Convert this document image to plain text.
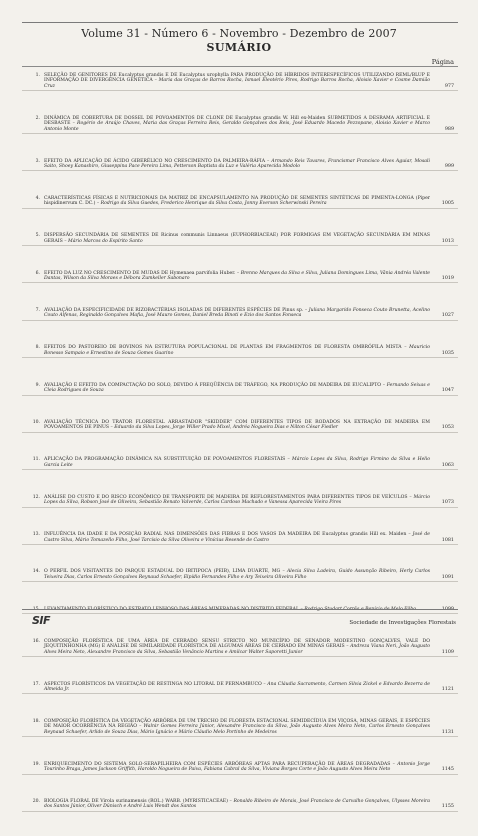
Volume 31 - Número 6 - Novembro - Dezembro de 2007
SUMÁRIO
Página
1. SELEÇÃO DE GENITORES DE Eucalyptus grandis E DE Eucalyptus urophylla PARA PRODUÇÃO DE HÍBRIDOS INTERESPECÍFICOS UTILIZANDO REML/BLUP E INFORMAÇÃO DE DIVERGÊNCIA GENÉTICA – Maria das Graças de Barros Rocha, Ismael Eleotério Pires, Rodrigo Barros Rocha, Aloisio Xavier e Cosme Damião Cruz	977
2. DINÂMICA DE COBERTURA DE DOSSEL DE POVOAMENTOS DE CLONE DE Eucalyptus grandis W. Hill ex-Maiden SUBMETIDOS A DESRAMA ARTIFICIAL E DESBASTE – Rogério de Araújo Chaves, Maria das Graças Ferreira Reis, Geraldo Gonçalves dos Reis, José Eduardo Macedo Pezzopane, Aloisio Xavier e Marco Antonio Monte	989
3. EFEITO DA APLICAÇÃO DE ÁCIDO GIBERÉLICO NO CRESCIMENTO DA PALMEIRA-RÁFIA – Armando Reis Tavares, Francismar Francisco Alves Aguiar, Mosali Saito, Shoey Kanashiro, Giuseppina Pace Pereira Lima, Petterson Baptista da Luz e Valéria Aparecida Modolo	999
4. CARACTERÍSTICAS FÍSICAS E NUTRICIONAIS DA MATRIZ DE ENCAPSULAMENTO NA PRODUÇÃO DE SEMENTES SINTÉTICAS DE PIMENTA-LONGA (Piper hispidinervum C. DC.) – Rodrigo da Silva Guedes, Frederico Henrique da Silva Costa, Jonny Everson Scherwinski Pereira	1005
5. DISPERSÃO SECUNDÁRIA DE SEMENTES DE Ricinus communis Linnaeus (EUPHORBIACEAE) POR FORMIGAS EM VEGETAÇÃO SECUNDÁRIA EM MINAS GERAIS – Mário Marcos do Espírito Santo	1013
6. EFEITO DA LUZ NO CRESCIMENTO DE MUDAS DE Hymenaea parvifolia Huber. – Brenno Marques da Silva e Silva, Juliana Domingues Lima, Vânia Andréa Valente Dantas, Wilson da Silva Moraes e Débora Zumkeller Sabonaro	1019
7. AVALIAÇÃO DA ESPECIFICIDADE DE RIZOBACTÉRIAS ISOLADAS DE DIFERENTES ESPÉCIES DE Pinus sp. – Juliana Margarido Fonseca Couto Brunetta, Acelino Couto Alfenas, Reginaldo Gonçalves Mafia, José Mauro Gomes, Daniel Breda Binoti e Ezio dos Santos Fonseca	1027
8. EFEITOS DO PASTOREIO DE BOVINOS NA ESTRUTURA POPULACIONAL DE PLANTAS EM FRAGMENTOS DE FLORESTA OMBRÓFILA MISTA – Mauricio Bonesso Sampaio e Ernestino de Souza Gomes Guarino	1035
9. AVALIAÇÃO E EFEITO DA COMPACTAÇÃO DO SOLO, DEVIDO À FREQÜÊNCIA DE TRÁFEGO, NA PRODUÇÃO DE MADEIRA DE EUCALIPTO – Fernando Seixas e Cleia Rodrigues de Souza	1047
10. AVALIAÇÃO TÉCNICA DO TRATOR FLORESTAL ARRASTADOR "SKIDDER" COM DIFERENTES TIPOS DE RODADOS NA EXTRAÇÃO DE MADEIRA EM POVOAMENTOS DE PINUS – Eduardo da Silva Lopes, Jorge Willer Prado Mixel, Andréa Nogueira Dias e Nilton César Fiedler	1053
11. APLICAÇÃO DA PROGRAMAÇÃO DINÂMICA NA SUBSTITUIÇÃO DE POVOAMENTOS FLORESTAIS – Márcio Lopes da Silva, Rodrigo Firmino da Silva e Helio Garcia Leite	1063
12. ANÁLISE DO CUSTO E DO RISCO ECONÔMICO DE TRANSPORTE DE MADEIRA DE REFLORESTAMENTOS PARA DIFERENTES TIPOS DE VEÍCULOS – Márcio Lopes da Silva, Robson José de Oliveira, Sebastião Renato Valverde, Carlos Cardoso Machado e Vanessa Aparecida Vieira Pires	1073
13. INFLUÊNCIA DA IDADE E DA POSIÇÃO RADIAL NAS DIMENSÕES DAS FIBRAS E DOS VASOS DA MADEIRA DE Eucalyptus grandis Hill ex. Maiden – José de Castro Silva, Mário Tomazello Filho, José Tarcísio da Silva Oliveira e Vinícius Resende de Castro	1081
14. O PERFIL DOS VISITANTES DO PARQUE ESTADUAL DO IBITIPOCA (PEIB), LIMA DUARTE, MG – Alecia Silva Ladeira, Guido Assunção Ribeiro, Herly Carlos Teixeira Dias, Carlos Ernesto Gonçalves Reynaud Schaefer, Elpídio Fernandes Filho e Ary Teixeira Oliveira Filho	1091
15. LEVANTAMENTO FLORÍSTICO DO ESTRATO LENHOSO DAS ÁREAS MINERADAS NO DISTRITO FEDERAL – Rodrigo Studart Corrêa e Benício de Melo Filho	1099
16. COMPOSIÇÃO FLORÍSTICA DE UMA ÁREA DE CERRADO SENSU STRICTO NO MUNICÍPIO DE SENADOR MODESTINO GONÇALVES, VALE DO JEQUITINHONHA (MG) E ANÁLISE DE SIMILARIDADE FLORÍSTICA DE ALGUMAS ÁREAS DE CERRADO EM MINAS GERAIS – Andreza Viana Neri, João Augusto Alves Meira Neto, Alexandre Francisco da Silva, Sebastião Venâncio Martins e Amilcar Walter Saporetti Junior	1109
17. ASPECTOS FLORÍSTICOS DA VEGETAÇÃO DE RESTINGA NO LITORAL DE PERNAMBUCO – Ana Cláudia Sacramento, Carmen Silvia Zickel e Edvardo Bezerra de Almeida Jr.	1121
18. COMPOSIÇÃO FLORÍSTICA DA VEGETAÇÃO ARBÓREA DE UM TRECHO DE FLORESTA ESTACIONAL SEMIDECÍDUA EM VIÇOSA, MINAS GERAIS, E ESPÉCIES DE MAIOR OCORRÊNCIA NA REGIÃO – Walnir Gomes Ferreira Júnior, Alexandre Francisco da Silva, João Augusto Alves Meira Neto, Carlos Ernesto Gonçalves Reynaud Schaefer, Arlido de Souza Dias, Mário Ignácio e Mário Cláudio Melo Portinho de Medeiros	1131
19. ENRIQUECIMENTO DO SISTEMA SOLO-SERAPILHEIRA COM ESPÉCIES ARBÓREAS APTAS PARA RECUPERAÇÃO DE ÁREAS DEGRADADAS – Antonio Jorge Tourinho Braga, James Jackson Griffith, Haroldo Nogueira de Paiva, Fabiana Cabral da Silva, Viviana Borges Corte e João Augusto Alves Meira Neto	1145
20. BIOLOGIA FLORAL DE Virola surinamensis (ROL.) WARB. (MYRISTICACEAE) – Ronaldo Ribeiro de Morais, José Francisco de Carvalho Gonçalves, Ulysses Moreira dos Santos Júnior, Oliver Dünisch e André Luis Wendt dos Santos	1155
SIF	Sociedade de Investigações Florestais
